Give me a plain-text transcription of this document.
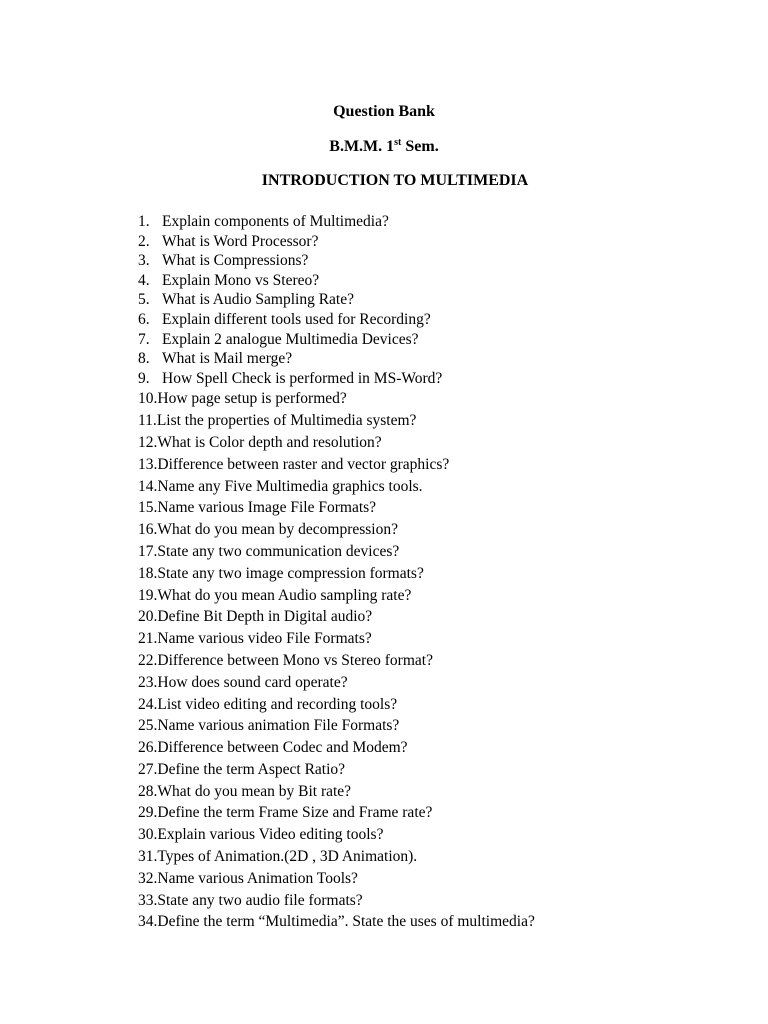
Question Bank
B.M.M. 1st Sem.
INTRODUCTION TO MULTIMEDIA
1. Explain components of Multimedia?
2. What is Word Processor?
3. What is Compressions?
4. Explain Mono vs Stereo?
5. What is Audio Sampling Rate?
6. Explain different tools used for Recording?
7. Explain 2 analogue Multimedia Devices?
8. What is Mail merge?
9. How Spell Check is performed in MS-Word?
10.How page setup is performed?
11.List the properties of Multimedia system?
12.What is Color depth and resolution?
13.Difference between raster and vector graphics?
14.Name any Five Multimedia graphics tools.
15.Name various Image File Formats?
16.What do you mean by decompression?
17.State any two communication devices?
18.State any two image compression formats?
19.What do you mean Audio sampling rate?
20.Define Bit Depth in Digital audio?
21.Name various video File Formats?
22.Difference between Mono vs Stereo format?
23.How does sound card operate?
24.List video editing and recording tools?
25.Name various animation File Formats?
26.Difference between Codec and Modem?
27.Define the term Aspect Ratio?
28.What do you mean by Bit rate?
29.Define the term Frame Size and Frame rate?
30.Explain various Video editing tools?
31.Types of Animation.(2D , 3D Animation).
32.Name various Animation Tools?
33.State any two audio file formats?
34.Define the term “Multimedia”. State the uses of multimedia?
